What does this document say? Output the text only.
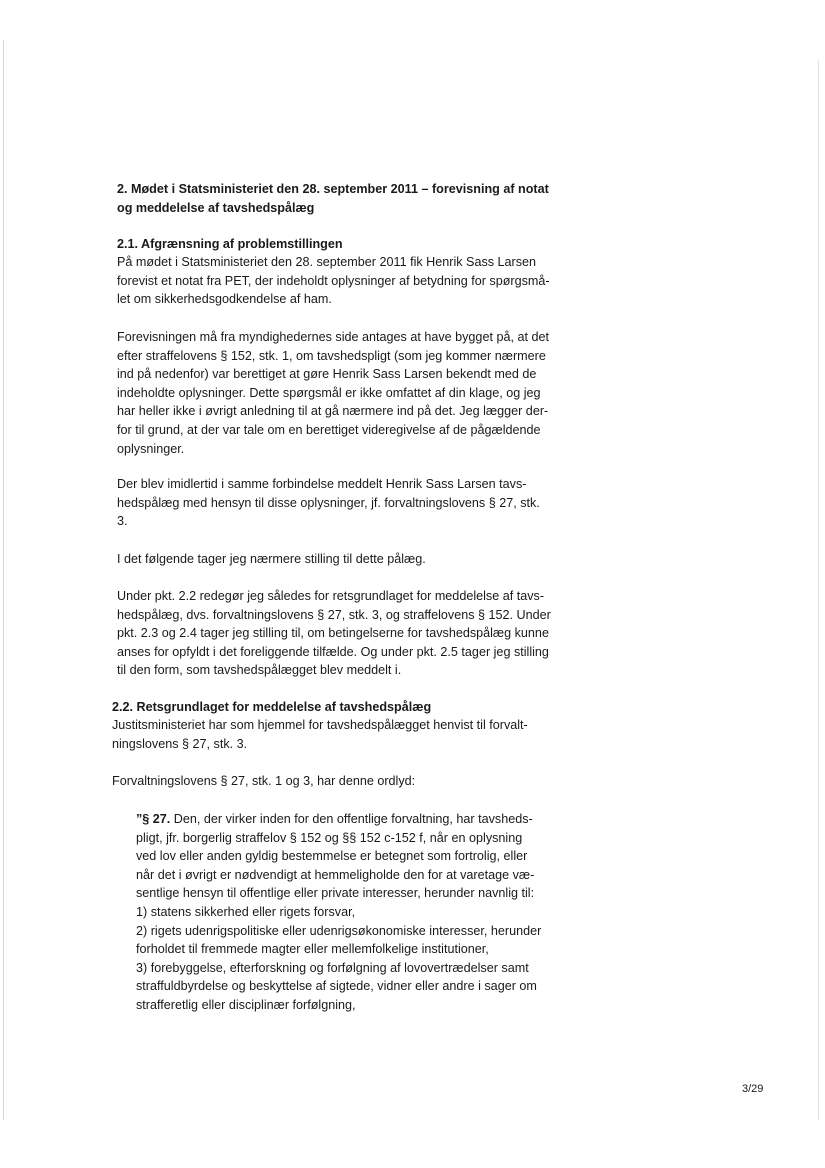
2. Mødet i Statsministeriet den 28. september 2011 – forevisning af notat
og meddelelse af tavshedspålæg

2.1. Afgrænsning af problemstillingen

På mødet i Statsministeriet den 28. september 2011 fik Henrik Sass Larsen
forevist et notat fra PET, der indeholdt oplysninger af betydning for spørgsmå-
let om sikkerhedsgodkendelse af ham.

Forevisningen må fra myndighedernes side antages at have bygget på, at det
efter straffelovens § 152, stk. 1, om tavshedspligt (som jeg kommer nærmere
ind på nedenfor) var berettiget at gøre Henrik Sass Larsen bekendt med de
indeholdte oplysninger. Dette spørgsmål er ikke omfattet af din klage, og jeg
har heller ikke i øvrigt anledning til at gå nærmere ind på det. Jeg lægger der-
for til grund, at der var tale om en berettiget videregivelse af de pågældende
oplysninger.

Der blev imidlertid i samme forbindelse meddelt Henrik Sass Larsen tavs-
hedspålæg med hensyn til disse oplysninger, jf. forvaltningslovens § 27, stk.
3.

I det følgende tager jeg nærmere stilling til dette pålæg.

Under pkt. 2.2 redegør jeg således for retsgrundlaget for meddelelse af tavs-
hedspålæg, dvs. forvaltningslovens § 27, stk. 3, og straffelovens § 152. Under
pkt. 2.3 og 2.4 tager jeg stilling til, om betingelserne for tavshedspålæg kunne
anses for opfyldt i det foreliggende tilfælde. Og under pkt. 2.5 tager jeg stilling
til den form, som tavshedspålægget blev meddelt i.

2.2. Retsgrundlaget for meddelelse af tavshedspålæg

Justitsministeriet har som hjemmel for tavshedspålægget henvist til forvalt-
ningslovens § 27, stk. 3.

Forvaltningslovens § 27, stk. 1 og 3, har denne ordlyd:

”§ 27. Den, der virker inden for den offentlige forvaltning, har tavsheds-
pligt, jfr. borgerlig straffelov § 152 og §§ 152 c-152 f, når en oplysning
ved lov eller anden gyldig bestemmelse er betegnet som fortrolig, eller
når det i øvrigt er nødvendigt at hemmeligholde den for at varetage væ-
sentlige hensyn til offentlige eller private interesser, herunder navnlig til:
1) statens sikkerhed eller rigets forsvar,
2) rigets udenrigspolitiske eller udenrigsøkonomiske interesser, herunder
forholdet til fremmede magter eller mellemfolkelige institutioner,
3) forebyggelse, efterforskning og forfølgning af lovovertrædelser samt
straffuldbyrdelse og beskyttelse af sigtede, vidner eller andre i sager om
strafferetlig eller disciplinær forfølgning,

3/29
